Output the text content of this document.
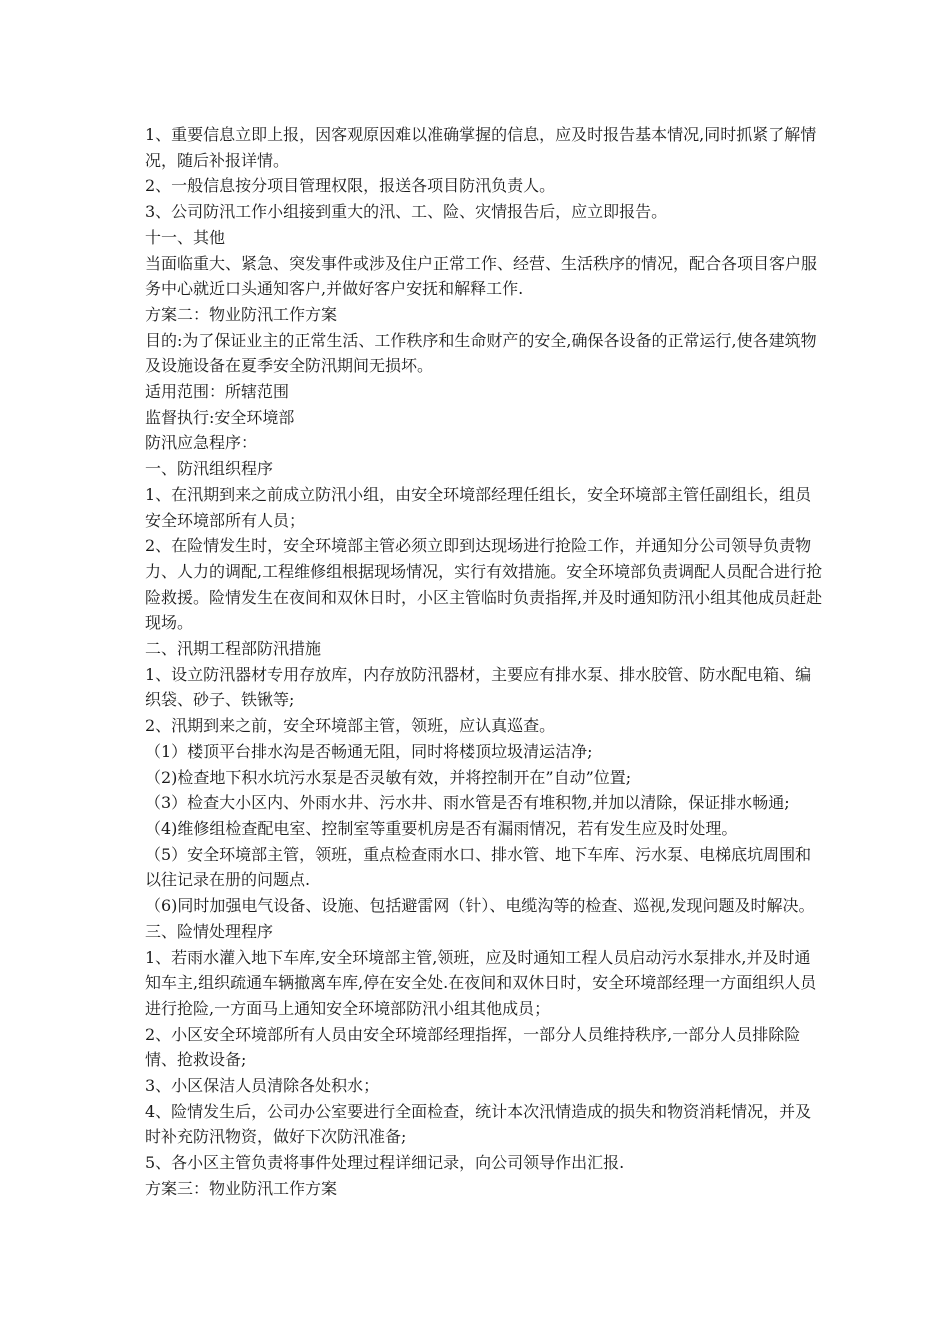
1、重要信息立即上报，因客观原因难以准确掌握的信息，应及时报告基本情况,同时抓紧了解情况，随后补报详情。

2、一般信息按分项目管理权限，报送各项目防汛负责人。

3、公司防汛工作小组接到重大的汛、工、险、灾情报告后，应立即报告。

十一、其他

当面临重大、紧急、突发事件或涉及住户正常工作、经营、生活秩序的情况，配合各项目客户服务中心就近口头通知客户,并做好客户安抚和解释工作.

方案二：物业防汛工作方案

目的:为了保证业主的正常生活、工作秩序和生命财产的安全,确保各设备的正常运行,使各建筑物及设施设备在夏季安全防汛期间无损坏。

适用范围：所辖范围

监督执行:安全环境部

防汛应急程序：

一、防汛组织程序

1、在汛期到来之前成立防汛小组，由安全环境部经理任组长，安全环境部主管任副组长，组员安全环境部所有人员；

2、在险情发生时，安全环境部主管必须立即到达现场进行抢险工作，并通知分公司领导负责物力、人力的调配,工程维修组根据现场情况，实行有效措施。安全环境部负责调配人员配合进行抢险救援。险情发生在夜间和双休日时，小区主管临时负责指挥,并及时通知防汛小组其他成员赶赴现场。

二、汛期工程部防汛措施

1、设立防汛器材专用存放库，内存放防汛器材，主要应有排水泵、排水胶管、防水配电箱、编织袋、砂子、铁锹等;

2、汛期到来之前，安全环境部主管，领班，应认真巡查。

（1）楼顶平台排水沟是否畅通无阻，同时将楼顶垃圾清运洁净;

（2)检查地下积水坑污水泵是否灵敏有效，并将控制开在”自动”位置;

（3）检查大小区内、外雨水井、污水井、雨水管是否有堆积物,并加以清除，保证排水畅通;

（4)维修组检查配电室、控制室等重要机房是否有漏雨情况，若有发生应及时处理。

（5）安全环境部主管，领班，重点检查雨水口、排水管、地下车库、污水泵、电梯底坑周围和以往记录在册的问题点.

（6)同时加强电气设备、设施、包括避雷网（针）、电缆沟等的检查、巡视,发现问题及时解决。

三、险情处理程序

1、若雨水灌入地下车库,安全环境部主管,领班，应及时通知工程人员启动污水泵排水,并及时通知车主,组织疏通车辆撤离车库,停在安全处.在夜间和双休日时，安全环境部经理一方面组织人员进行抢险,一方面马上通知安全环境部防汛小组其他成员；

2、小区安全环境部所有人员由安全环境部经理指挥，一部分人员维持秩序,一部分人员排除险情、抢救设备;

3、小区保洁人员清除各处积水；

4、险情发生后，公司办公室要进行全面检查，统计本次汛情造成的损失和物资消耗情况，并及时补充防汛物资，做好下次防汛准备;

5、各小区主管负责将事件处理过程详细记录，向公司领导作出汇报.

方案三：物业防汛工作方案
